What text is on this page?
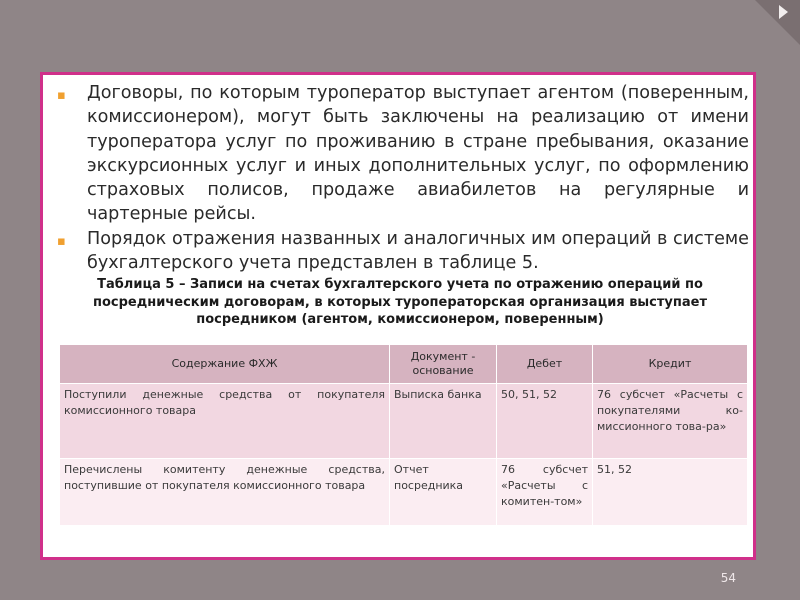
▪ Договоры, по которым туроператор выступает агентом (поверенным, комиссионером), могут быть заключены на реализацию от имени туроператора услуг по проживанию в стране пребывания, оказание экскурсионных услуг и иных дополнительных услуг, по оформлению страховых полисов, продаже авиабилетов на регулярные и чартерные рейсы.
▪ Порядок отражения названных и аналогичных им операций в системе бухгалтерского учета представлен в таблице 5.
Таблица 5 – Записи на счетах бухгалтерского учета по отражению операций по посредническим договорам, в которых туроператорская организация выступает посредником (агентом, комиссионером, поверенным)
Содержание ФХЖ	Документ - основание	Дебет	Кредит
Поступили денежные средства от покупателя комиссионного товара	Выписка банка	50, 51, 52	76 субсчет «Расчеты с покупателями ко-миссионного това-ра»
Перечислены комитенту денежные средства, поступившие от покупателя комиссионного товара	Отчет посредника	76 субсчет «Расчеты с комитен-том»	51, 52
54
